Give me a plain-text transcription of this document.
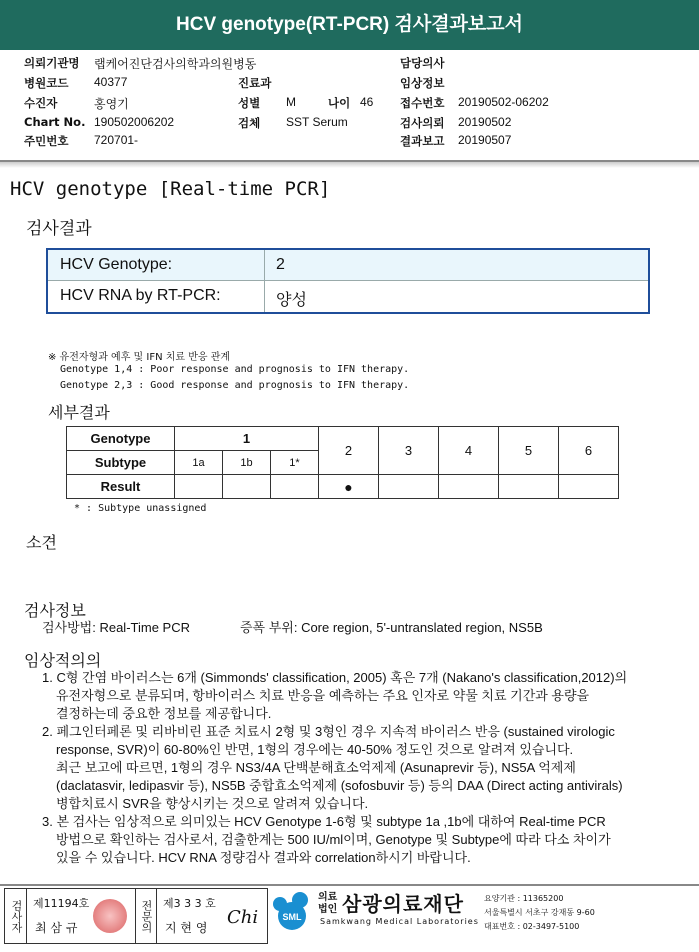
HCV genotype(RT-PCR) 검사결과보고서
의뢰기관명 랩케어진단검사의학과의원병동	담당의사
병원코드 40377	진료과	임상정보
수진자	홍영기	성별 M	나이 46 접수번호 20190502-06202
Chart No. 190502006202	검체 SST Serum	검사의뢰 20190502
주민번호 720701-	결과보고 20190507
HCV genotype [Real-time PCR]
검사결과
HCV Genotype:	2
HCV RNA by RT-PCR:	양성
※ 유전자형과 예후 및 IFN 치료 반응 관계
Genotype 1,4 : Poor response and prognosis to IFN therapy.
Genotype 2,3 : Good response and prognosis to IFN therapy.
세부결과
Genotype	1			2	3	4	5	6
Subtype	1a	1b	1*					
Result				●				
* : Subtype unassigned
소견
검사정보
검사방법: Real-Time PCR	증폭 부위: Core region, 5'-untranslated region, NS5B
임상적의의
1. C형 간염 바이러스는 6개 (Simmonds' classification, 2005) 혹은 7개 (Nakano's classification,2012)의
유전자형으로 분류되며, 항바이러스 치료 반응을 예측하는 주요 인자로 약물 치료 기간과 용량을
결정하는데 중요한 정보를 제공합니다.
2. 페그인터페론 및 리바비린 표준 치료시 2형 및 3형인 경우 지속적 바이러스 반응 (sustained virologic
response, SVR)이 60-80%인 반면, 1형의 경우에는 40-50% 정도인 것으로 알려져 있습니다.
최근 보고에 따르면, 1형의 경우 NS3/4A 단백분해효소억제제 (Asunaprevir 등), NS5A 억제제
(daclatasvir, ledipasvir 등), NS5B 중합효소억제제 (sofosbuvir 등) 등의 DAA (Direct acting antivirals)
병합치료시 SVR을 향상시키는 것으로 알려져 있습니다.
3. 본 검사는 임상적으로 의미있는 HCV Genotype 1-6형 및 subtype 1a ,1b에 대하여 Real-time PCR
방법으로 확인하는 검사로서, 검출한계는 500 IU/ml이며, Genotype 및 Subtype에 따라 다소 차이가
있을 수 있습니다. HCV RNA 정량검사 결과와 correlation하시기 바랍니다.
검사자 제11194호
최 삼 규	전문의 제3 3 3 호
지 현 영 Chi	SML
의료
법인 삼광의료재단
Samkwang Medical Laboratories
요양기관 : 11365200
서울특별시 서초구 강재동 9-60
대표번호 : 02-3497-5100
